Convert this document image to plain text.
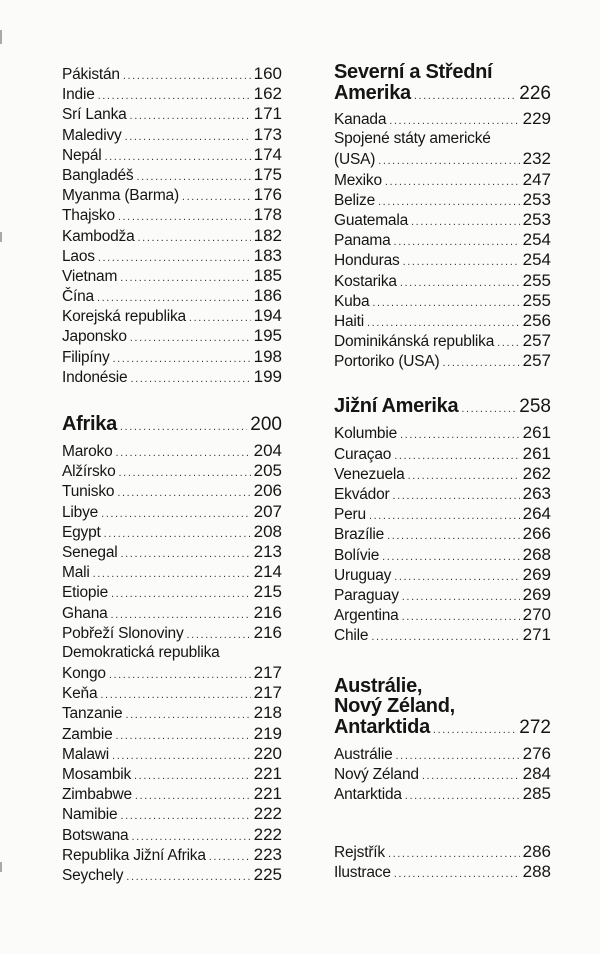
Pákistán .....	160
Indie .....	162
Srí Lanka .....	171
Maledivy .....	173
Nepál .....	174
Bangladéš .....	175
Myanma (Barma) .....	176
Thajsko .....	178
Kambodža .....	182
Laos .....	183
Vietnam .....	185
Čína .....	186
Korejská republika .....	194
Japonsko .....	195
Filipíny .....	198
Indonésie .....	199
Afrika .....	200
Maroko .....	204
Alžírsko .....	205
Tunisko .....	206
Libye .....	207
Egypt .....	208
Senegal .....	213
Mali .....	214
Etiopie .....	215
Ghana .....	216
Pobřeží Slonoviny .....	216
Demokratická republika
Kongo .....	217
Keňa .....	217
Tanzanie .....	218
Zambie .....	219
Malawi .....	220
Mosambik .....	221
Zimbabwe .....	221
Namibie .....	222
Botswana .....	222
Republika Jižní Afrika .....	223
Seychely .....	225
Severní a Střední
Amerika .....	226
Kanada .....	229
Spojené státy americké
(USA) .....	232
Mexiko .....	247
Belize .....	253
Guatemala .....	253
Panama .....	254
Honduras .....	254
Kostarika .....	255
Kuba .....	255
Haiti .....	256
Dominikánská republika ..... 257
Portoriko (USA) .....	257
Jižní Amerika .....	258
Kolumbie .....	261
Curaçao .....	261
Venezuela .....	262
Ekvádor .....	263
Peru .....	264
Brazílie .....	266
Bolívie .....	268
Uruguay .....	269
Paraguay .....	269
Argentina .....	270
Chile .....	271
Austrálie,
Nový Zéland,
Antarktida .....	272
Austrálie .....	276
Nový Zéland .....	284
Antarktida .....	285
Rejstřík .....	286
Ilustrace .....	288
